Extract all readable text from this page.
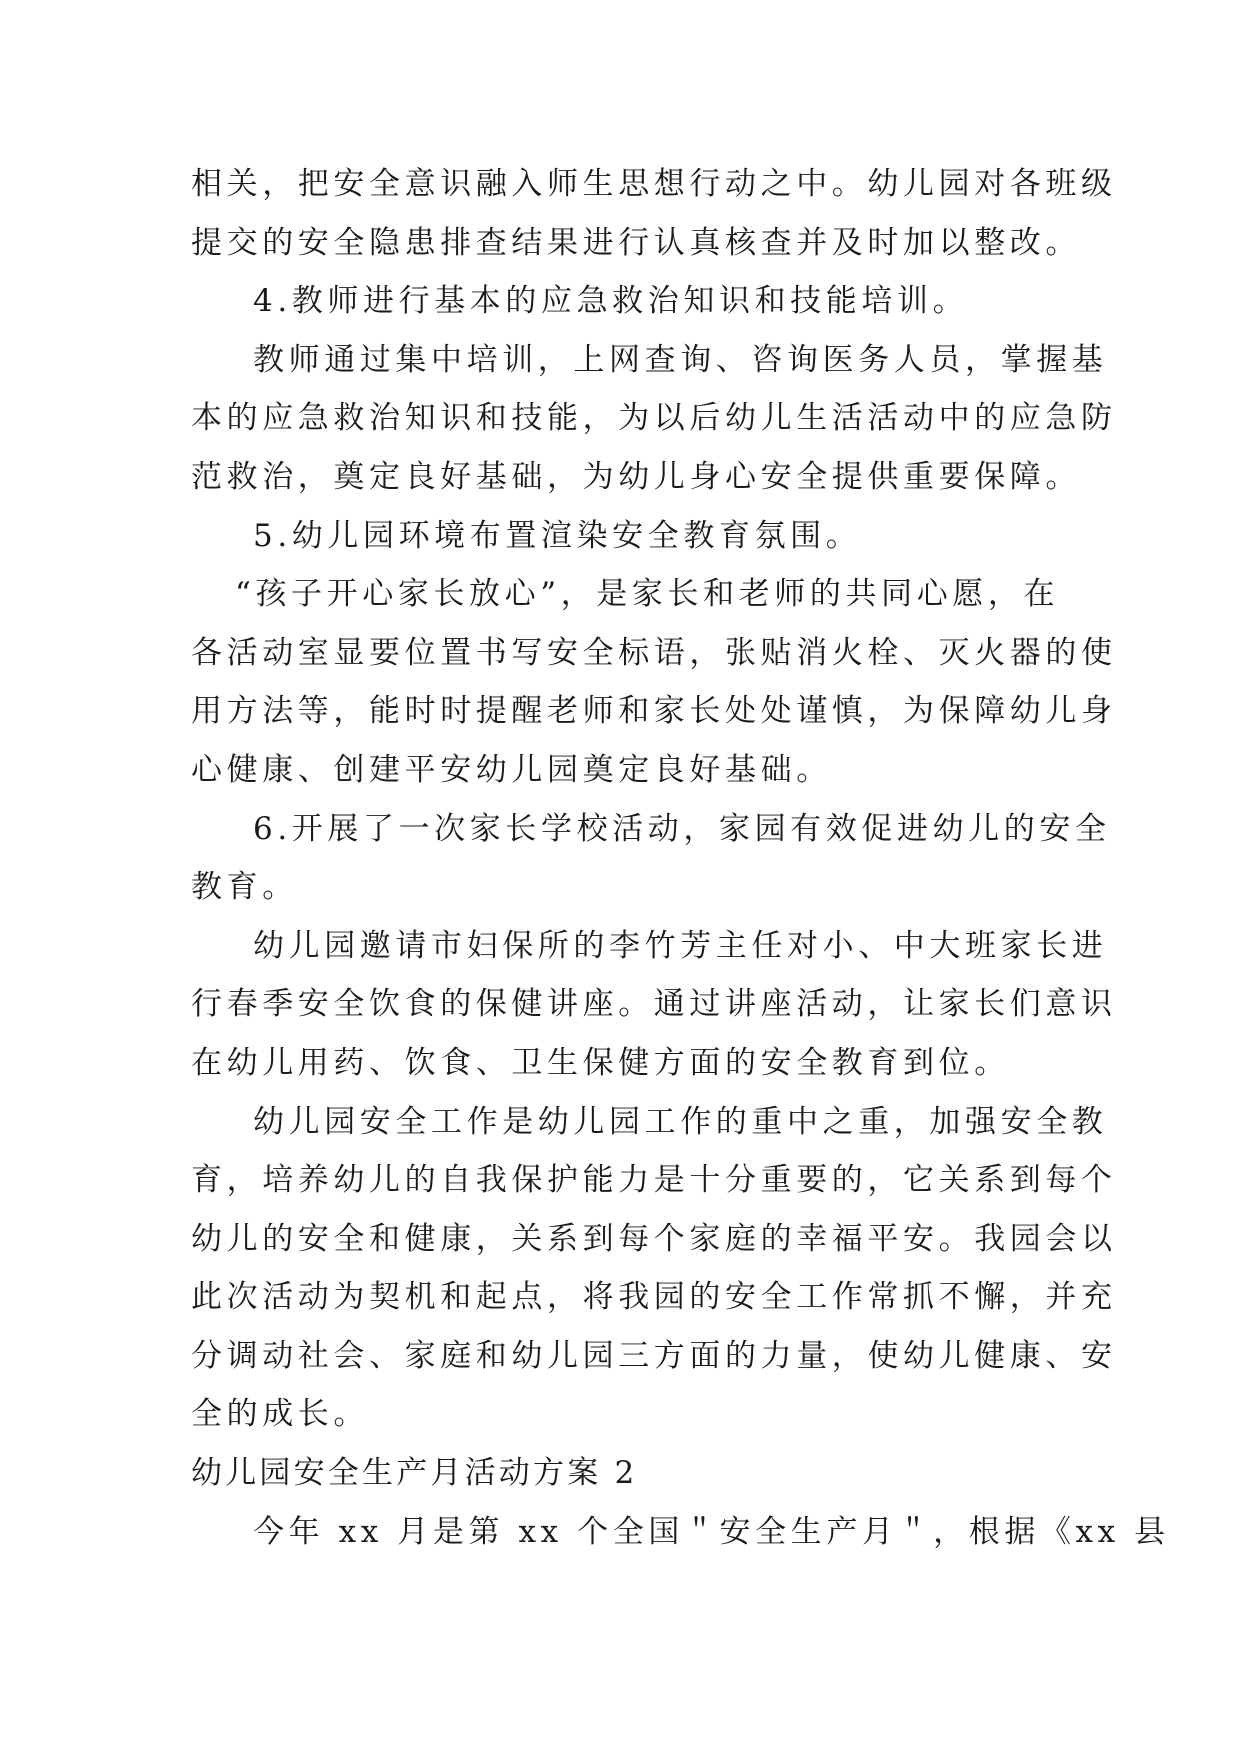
相关，把安全意识融入师生思想行动之中。幼儿园对各班级
提交的安全隐患排查结果进行认真核查并及时加以整改。
4.教师进行基本的应急救治知识和技能培训。
教师通过集中培训，上网查询、咨询医务人员，掌握基
本的应急救治知识和技能，为以后幼儿生活活动中的应急防
范救治，奠定良好基础，为幼儿身心安全提供重要保障。
5.幼儿园环境布置渲染安全教育氛围。
“孩子开心家长放心”，是家长和老师的共同心愿，在
各活动室显要位置书写安全标语，张贴消火栓、灭火器的使
用方法等，能时时提醒老师和家长处处谨慎，为保障幼儿身
心健康、创建平安幼儿园奠定良好基础。
6.开展了一次家长学校活动，家园有效促进幼儿的安全
教育。
幼儿园邀请市妇保所的李竹芳主任对小、中大班家长进
行春季安全饮食的保健讲座。通过讲座活动，让家长们意识
在幼儿用药、饮食、卫生保健方面的安全教育到位。
幼儿园安全工作是幼儿园工作的重中之重，加强安全教
育，培养幼儿的自我保护能力是十分重要的，它关系到每个
幼儿的安全和健康，关系到每个家庭的幸福平安。我园会以
此次活动为契机和起点，将我园的安全工作常抓不懈，并充
分调动社会、家庭和幼儿园三方面的力量，使幼儿健康、安
全的成长。
幼儿园安全生产月活动方案 2
今年 xx 月是第 xx 个全国＂安全生产月＂，根据《xx 县
